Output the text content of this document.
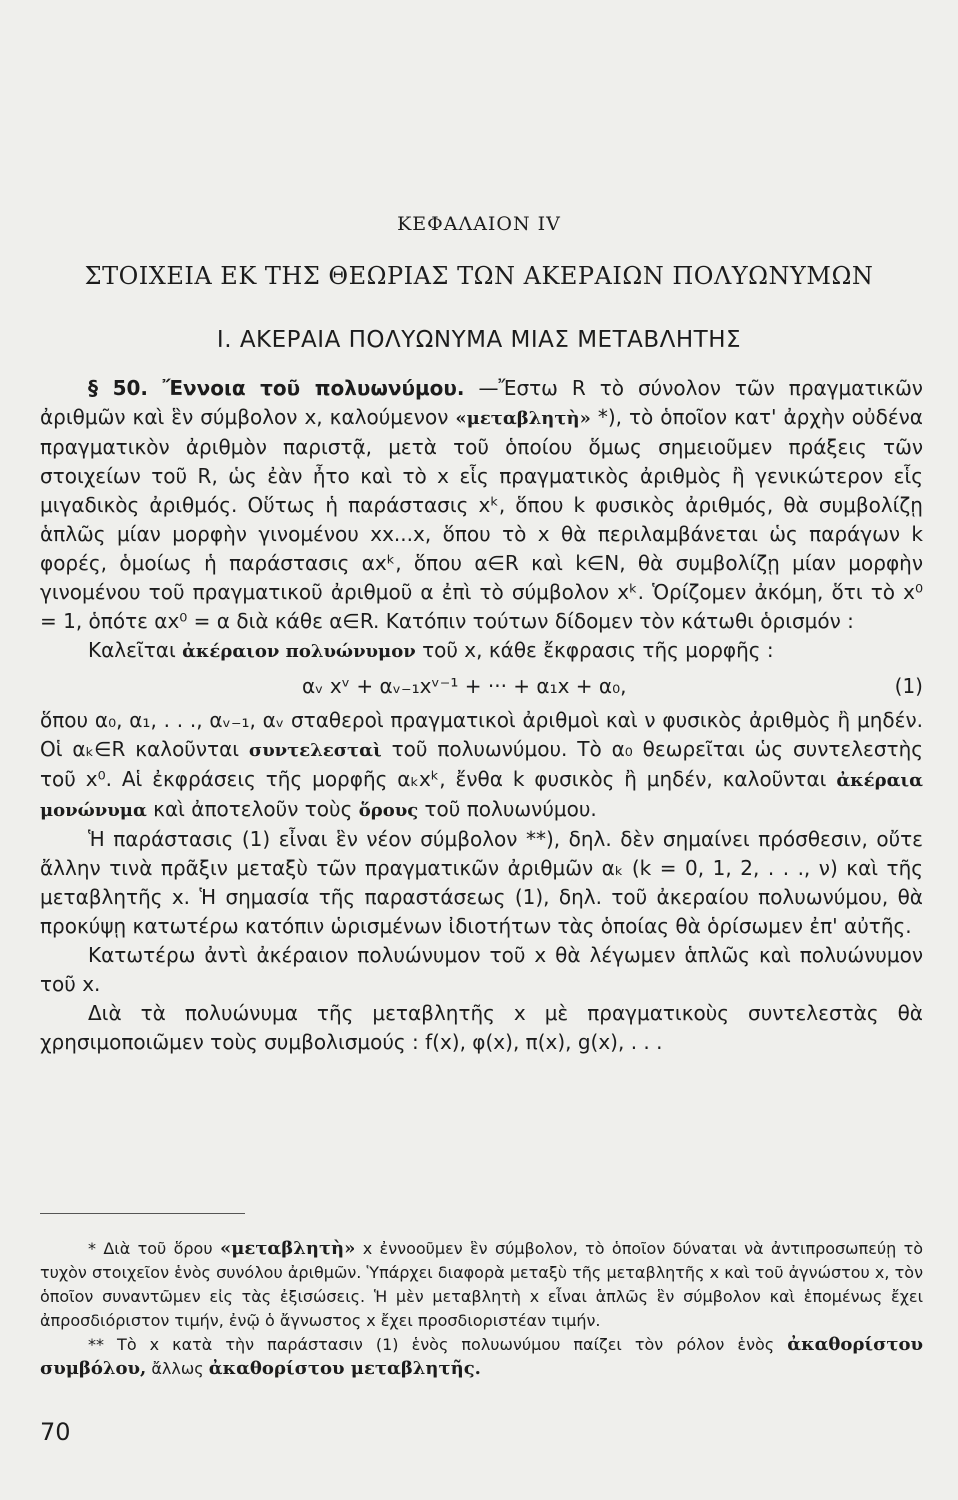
ΚΕΦΑΛΑΙΟΝ IV
ΣΤΟΙΧΕΙΑ ΕΚ ΤΗΣ ΘΕΩΡΙΑΣ ΤΩΝ ΑΚΕΡΑΙΩΝ ΠΟΛΥΩΝΥΜΩΝ
Ι. ΑΚΕΡΑΙΑ ΠΟΛΥΩΝΥΜΑ ΜΙΑΣ ΜΕΤΑΒΛΗΤΗΣ

§ 50. Ἔννοια τοῦ πολυωνύμου. —Ἔστω R τὸ σύνολον τῶν πραγματικῶν ἀριθμῶν καὶ ἓν σύμβολον x, καλούμενον «μεταβλητὴ» *), τὸ ὁποῖον κατ' ἀρχὴν οὐδένα πραγματικὸν ἀριθμὸν παριστᾷ, μετὰ τοῦ ὁποίου ὅμως σημειοῦμεν πράξεις τῶν στοιχείων τοῦ R, ὡς ἐὰν ἦτο καὶ τὸ x εἷς πραγματικὸς ἀριθμὸς ἢ γενικώτερον εἷς μιγαδικὸς ἀριθμός. Οὕτως ἡ παράστασις xᵏ, ὅπου k φυσικὸς ἀριθμός, θὰ συμβολίζῃ ἁπλῶς μίαν μορφὴν γινομένου xx...x, ὅπου τὸ x θὰ περιλαμβάνεται ὡς παράγων k φορές, ὁμοίως ἡ παράστασις αxᵏ, ὅπου α∈R καὶ k∈N, θὰ συμβολίζῃ μίαν μορφὴν γινομένου τοῦ πραγματικοῦ ἀριθμοῦ α ἐπὶ τὸ σύμβολον xᵏ. Ὁρίζομεν ἀκόμη, ὅτι τὸ x⁰ = 1, ὁπότε αx⁰ = α διὰ κάθε α∈R. Κατόπιν τούτων δίδομεν τὸν κάτωθι ὁρισμόν :

Καλεῖται ἀκέραιον πολυώνυμον τοῦ x, κάθε ἔκφρασις τῆς μορφῆς :

αᵥ xᵛ + αᵥ₋₁xᵛ⁻¹ + ··· + α₁x + α₀,	(1)

ὅπου α₀, α₁, . . ., αᵥ₋₁, αᵥ σταθεροὶ πραγματικοὶ ἀριθμοὶ καὶ ν φυσικὸς ἀριθμὸς ἢ μηδέν. Οἱ αₖ∈R καλοῦνται συντελεσταὶ τοῦ πολυωνύμου. Τὸ α₀ θεωρεῖται ὡς συντελεστὴς τοῦ x⁰. Αἱ ἐκφράσεις τῆς μορφῆς αₖxᵏ, ἔνθα k φυσικὸς ἢ μηδέν, καλοῦνται ἀκέραια μονώνυμα καὶ ἀποτελοῦν τοὺς ὅρους τοῦ πολυωνύμου.

Ἡ παράστασις (1) εἶναι ἓν νέον σύμβολον **), δηλ. δὲν σημαίνει πρόσθεσιν, οὔτε ἄλλην τινὰ πρᾶξιν μεταξὺ τῶν πραγματικῶν ἀριθμῶν αₖ (k = 0, 1, 2, . . ., ν) καὶ τῆς μεταβλητῆς x. Ἡ σημασία τῆς παραστάσεως (1), δηλ. τοῦ ἀκεραίου πολυωνύμου, θὰ προκύψῃ κατωτέρω κατόπιν ὡρισμένων ἰδιοτήτων τὰς ὁποίας θὰ ὁρίσωμεν ἐπ' αὐτῆς.

Κατωτέρω ἀντὶ ἀκέραιον πολυώνυμον τοῦ x θὰ λέγωμεν ἁπλῶς καὶ πολυώνυμον τοῦ x.

Διὰ τὰ πολυώνυμα τῆς μεταβλητῆς x μὲ πραγματικοὺς συντελεστὰς θὰ χρησιμοποιῶμεν τοὺς συμβολισμούς : f(x), φ(x), π(x), g(x), . . .

* Διὰ τοῦ ὅρου «μεταβλητὴ» x ἐννοοῦμεν ἓν σύμβολον, τὸ ὁποῖον δύναται νὰ ἀντιπροσωπεύῃ τὸ τυχὸν στοιχεῖον ἑνὸς συνόλου ἀριθμῶν. Ὑπάρχει διαφορὰ μεταξὺ τῆς μεταβλητῆς x καὶ τοῦ ἀγνώστου x, τὸν ὁποῖον συναντῶμεν εἰς τὰς ἐξισώσεις. Ἡ μὲν μεταβλητὴ x εἶναι ἁπλῶς ἓν σύμβολον καὶ ἑπομένως ἔχει ἀπροσδιόριστον τιμήν, ἐνῷ ὁ ἄγνωστος x ἔχει προσδιοριστέαν τιμήν.

** Τὸ x κατὰ τὴν παράστασιν (1) ἑνὸς πολυωνύμου παίζει τὸν ρόλον ἑνὸς ἀκαθορίστου συμβόλου, ἄλλως ἀκαθορίστου μεταβλητῆς.

70
